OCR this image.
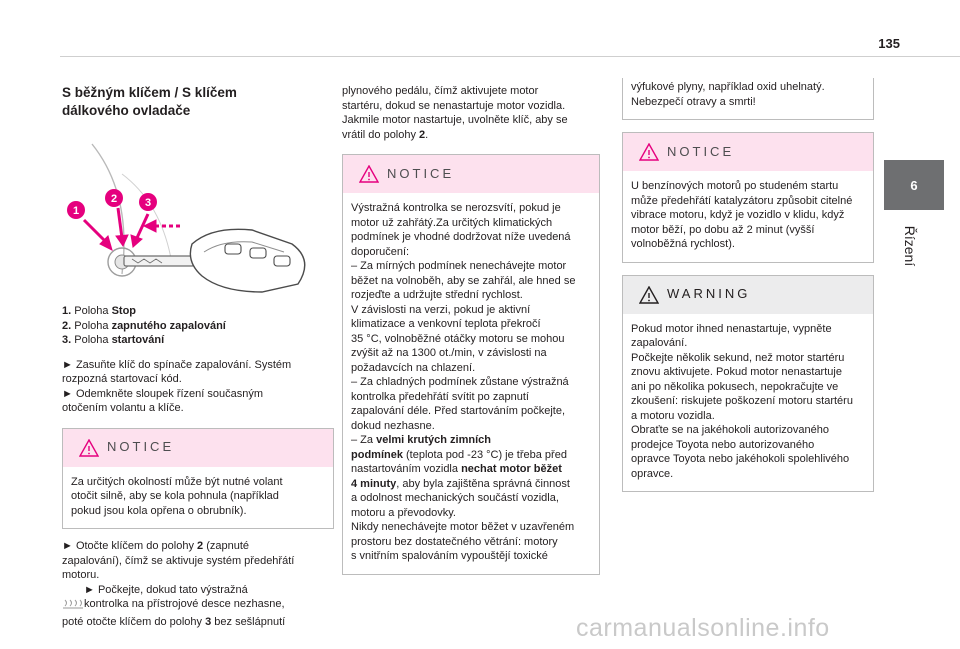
135
6
Řízení
S běžným klíčem / S klíčem
dálkového ovladače
1
2	3
1. Poloha Stop
2. Poloha zapnutého zapalování
3. Poloha startování

► Zasuňte klíč do spínače zapalování. Systém

rozpozná startovací kód.

► Odemkněte sloupek řízení současným

otočením volantu a klíče.

NOTICE

Za určitých okolností může být nutné volant

otočit silně, aby se kola pohnula (například

pokud jsou kola opřena o obrubník).

► Otočte klíčem do polohy 2 (zapnuté

zapalování), čímž se aktivuje systém předehřátí

motoru.

► Počkejte, dokud tato výstražná

kontrolka na přístrojové desce nezhasne,

poté otočte klíčem do polohy 3 bez sešlápnutí

plynového pedálu, čímž aktivujete motor

startéru, dokud se nenastartuje motor vozidla.

Jakmile motor nastartuje, uvolněte klíč, aby se

vrátil do polohy 2.

NOTICE

Výstražná kontrolka se nerozsvítí, pokud je

motor už zahřátý.Za určitých klimatických

podmínek je vhodné dodržovat níže uvedená

doporučení:

– Za mírných podmínek nenechávejte motor

běžet na volnoběh, aby se zahřál, ale hned se

rozjeďte a udržujte střední rychlost.

V závislosti na verzi, pokud je aktivní

klimatizace a venkovní teplota překročí

35 °C, volnoběžné otáčky motoru se mohou

zvýšit až na 1300 ot./min, v závislosti na

požadavcích na chlazení.

– Za chladných podmínek zůstane výstražná

kontrolka předehřátí svítit po zapnutí

zapalování déle. Před startováním počkejte,

dokud nezhasne.

– Za velmi krutých zimních

podmínek (teplota pod -23 °C) je třeba před

nastartováním vozidla nechat motor běžet

4 minuty, aby byla zajištěna správná činnost

a odolnost mechanických součástí vozidla,

motoru a převodovky.

Nikdy nenechávejte motor běžet v uzavřeném

prostoru bez dostatečného větrání: motory

s vnitřním spalováním vypouštějí toxické

výfukové plyny, například oxid uhelnatý.

Nebezpečí otravy a smrti!

NOTICE

U benzínových motorů po studeném startu

může předehřátí katalyzátoru způsobit citelné

vibrace motoru, když je vozidlo v klidu, když

motor běží, po dobu až 2 minut (vyšší

volnoběžná rychlost).

WARNING

Pokud motor ihned nenastartuje, vypněte

zapalování.

Počkejte několik sekund, než motor startéru

znovu aktivujete. Pokud motor nenastartuje

ani po několika pokusech, nepokračujte ve

zkoušení: riskujete poškození motoru startéru

a motoru vozidla.

Obraťte se na jakéhokoli autorizovaného

prodejce Toyota nebo autorizovaného

opravce Toyota nebo jakéhokoli spolehlivého

opravce.

carmanualsonline.info
